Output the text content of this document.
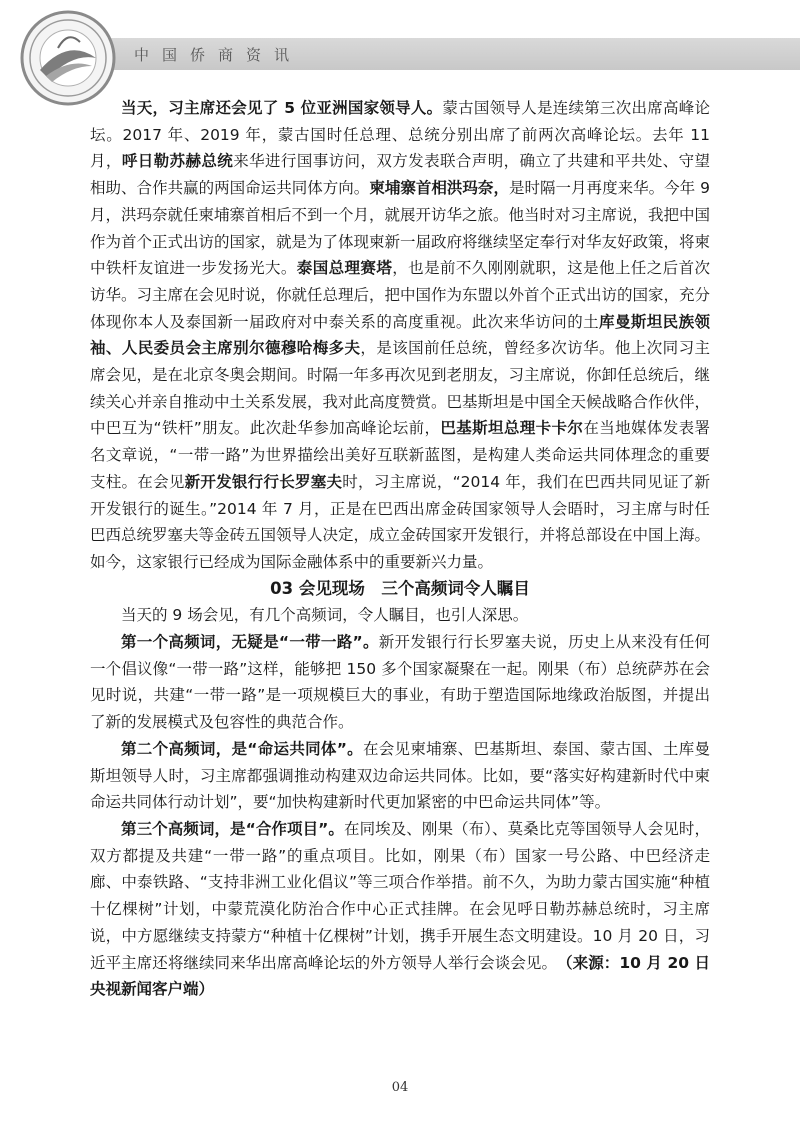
中国侨商资讯

当天，习主席还会见了 5 位亚洲国家领导人。蒙古国领导人是连续第三次出席高峰论坛。2017 年、2019 年，蒙古国时任总理、总统分别出席了前两次高峰论坛。去年 11 月，呼日勒苏赫总统来华进行国事访问，双方发表联合声明，确立了共建和平共处、守望相助、合作共赢的两国命运共同体方向。柬埔寨首相洪玛奈，是时隔一月再度来华。今年 9 月，洪玛奈就任柬埔寨首相后不到一个月，就展开访华之旅。他当时对习主席说，我把中国作为首个正式出访的国家，就是为了体现柬新一届政府将继续坚定奉行对华友好政策，将柬中铁杆友谊进一步发扬光大。泰国总理赛塔，也是前不久刚刚就职，这是他上任之后首次访华。习主席在会见时说，你就任总理后，把中国作为东盟以外首个正式出访的国家，充分体现你本人及泰国新一届政府对中泰关系的高度重视。此次来华访问的土库曼斯坦民族领袖、人民委员会主席别尔德穆哈梅多夫，是该国前任总统，曾经多次访华。他上次同习主席会见，是在北京冬奥会期间。时隔一年多再次见到老朋友，习主席说，你卸任总统后，继续关心并亲自推动中土关系发展，我对此高度赞赏。巴基斯坦是中国全天候战略合作伙伴，中巴互为“铁杆”朋友。此次赴华参加高峰论坛前，巴基斯坦总理卡卡尔在当地媒体发表署名文章说，“一带一路”为世界描绘出美好互联新蓝图，是构建人类命运共同体理念的重要支柱。在会见新开发银行行长罗塞夫时，习主席说，“2014 年，我们在巴西共同见证了新开发银行的诞生。”2014 年 7 月，正是在巴西出席金砖国家领导人会晤时，习主席与时任巴西总统罗塞夫等金砖五国领导人决定，成立金砖国家开发银行，并将总部设在中国上海。如今，这家银行已经成为国际金融体系中的重要新兴力量。

03 会见现场　三个高频词令人瞩目

当天的 9 场会见，有几个高频词，令人瞩目，也引人深思。

第一个高频词，无疑是“一带一路”。新开发银行行长罗塞夫说，历史上从来没有任何一个倡议像“一带一路”这样，能够把 150 多个国家凝聚在一起。刚果（布）总统萨苏在会见时说，共建“一带一路”是一项规模巨大的事业，有助于塑造国际地缘政治版图，并提出了新的发展模式及包容性的典范合作。

第二个高频词，是“命运共同体”。在会见柬埔寨、巴基斯坦、泰国、蒙古国、土库曼斯坦领导人时，习主席都强调推动构建双边命运共同体。比如，要“落实好构建新时代中柬命运共同体行动计划”，要“加快构建新时代更加紧密的中巴命运共同体”等。

第三个高频词，是“合作项目”。在同埃及、刚果（布）、莫桑比克等国领导人会见时，双方都提及共建“一带一路”的重点项目。比如，刚果（布）国家一号公路、中巴经济走廊、中泰铁路、“支持非洲工业化倡议”等三项合作举措。前不久，为助力蒙古国实施“种植十亿棵树”计划，中蒙荒漠化防治合作中心正式挂牌。在会见呼日勒苏赫总统时，习主席说，中方愿继续支持蒙方“种植十亿棵树”计划，携手开展生态文明建设。10 月 20 日，习近平主席还将继续同来华出席高峰论坛的外方领导人举行会谈会见。　 （来源：10 月 20 日央视新闻客户端）

04
